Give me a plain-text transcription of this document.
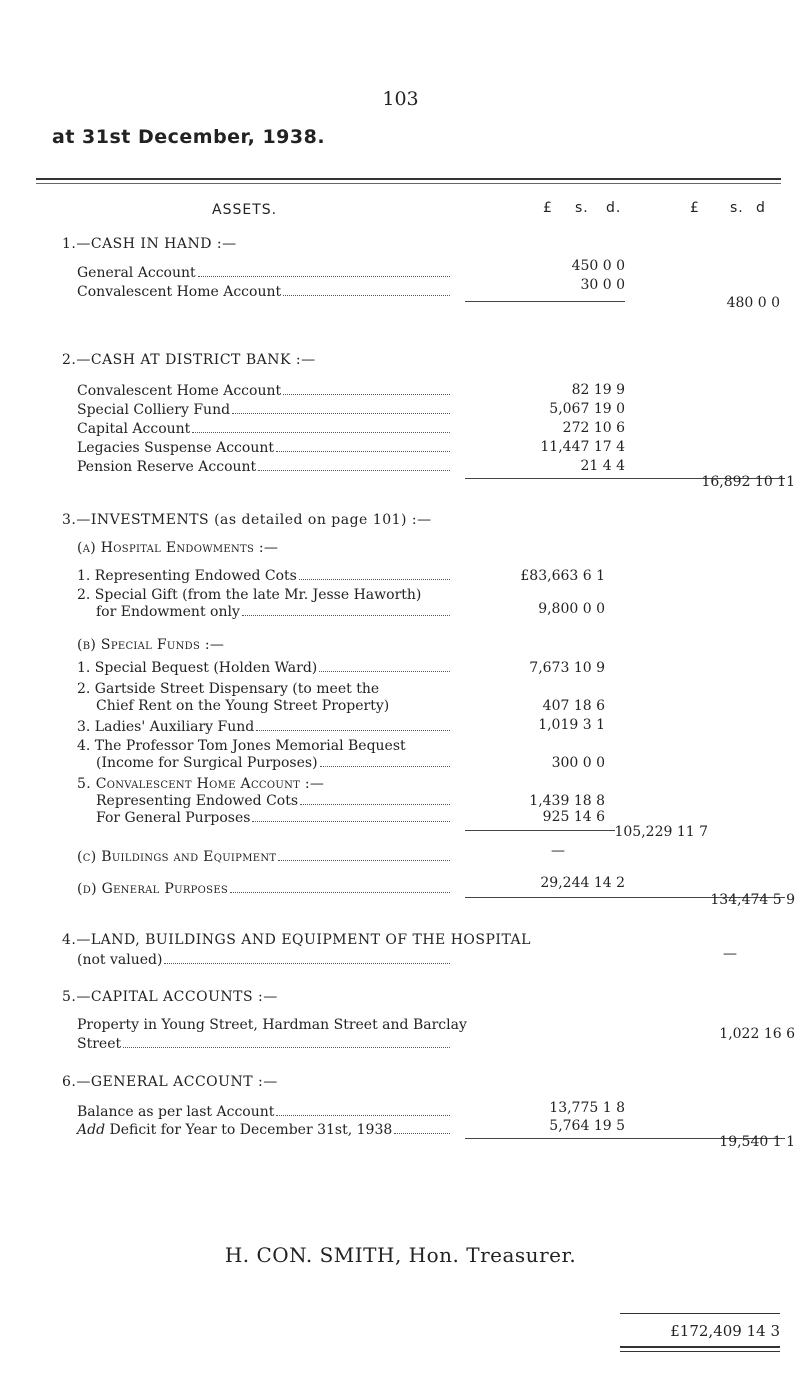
103
at 31st December, 1938.
ASSETS.	£ s. d.	£ s. d
1.—CASH IN HAND :—
General Account	450 0 0
Convalescent Home Account	30 0 0
480 0 0
2.—CASH AT DISTRICT BANK :—
Convalescent Home Account	82 19 9
Special Colliery Fund	5,067 19 0
Capital Account	272 10 6
Legacies Suspense Account	11,447 17 4
Pension Reserve Account	21 4 4
16,892 10 11
3.—INVESTMENTS (as detailed on page 101) :—
(a) Hospital Endowments :—
1. Representing Endowed Cots	£83,663 6 1
2. Special Gift (from the late Mr. Jesse Haworth)
for Endowment only	9,800 0 0
(b) Special Funds :—
1. Special Bequest (Holden Ward)	7,673 10 9
2. Gartside Street Dispensary (to meet the
Chief Rent on the Young Street Property)	407 18 6
3. Ladies' Auxiliary Fund	1,019 3 1
4. The Professor Tom Jones Memorial Bequest
(Income for Surgical Purposes)	300 0 0
5. Convalescent Home Account :—
Representing Endowed Cots	1,439 18 8
For General Purposes	925 14 6
105,229 11 7
(c) Buildings and Equipment	—
(d) General Purposes	29,244 14 2
134,474 5 9
4.—LAND, BUILDINGS AND EQUIPMENT OF THE HOSPITAL
(not valued)	—
5.—CAPITAL ACCOUNTS :—
Property in Young Street, Hardman Street and Barclay
Street
1,022 16 6
6.—GENERAL ACCOUNT :—
Balance as per last Account	13,775 1 8
Add Deficit for Year to December 31st, 1938	5,764 19 5
H. CON. SMITH, Hon. Treasurer.
19,540 1 1
£172,409 14 3
